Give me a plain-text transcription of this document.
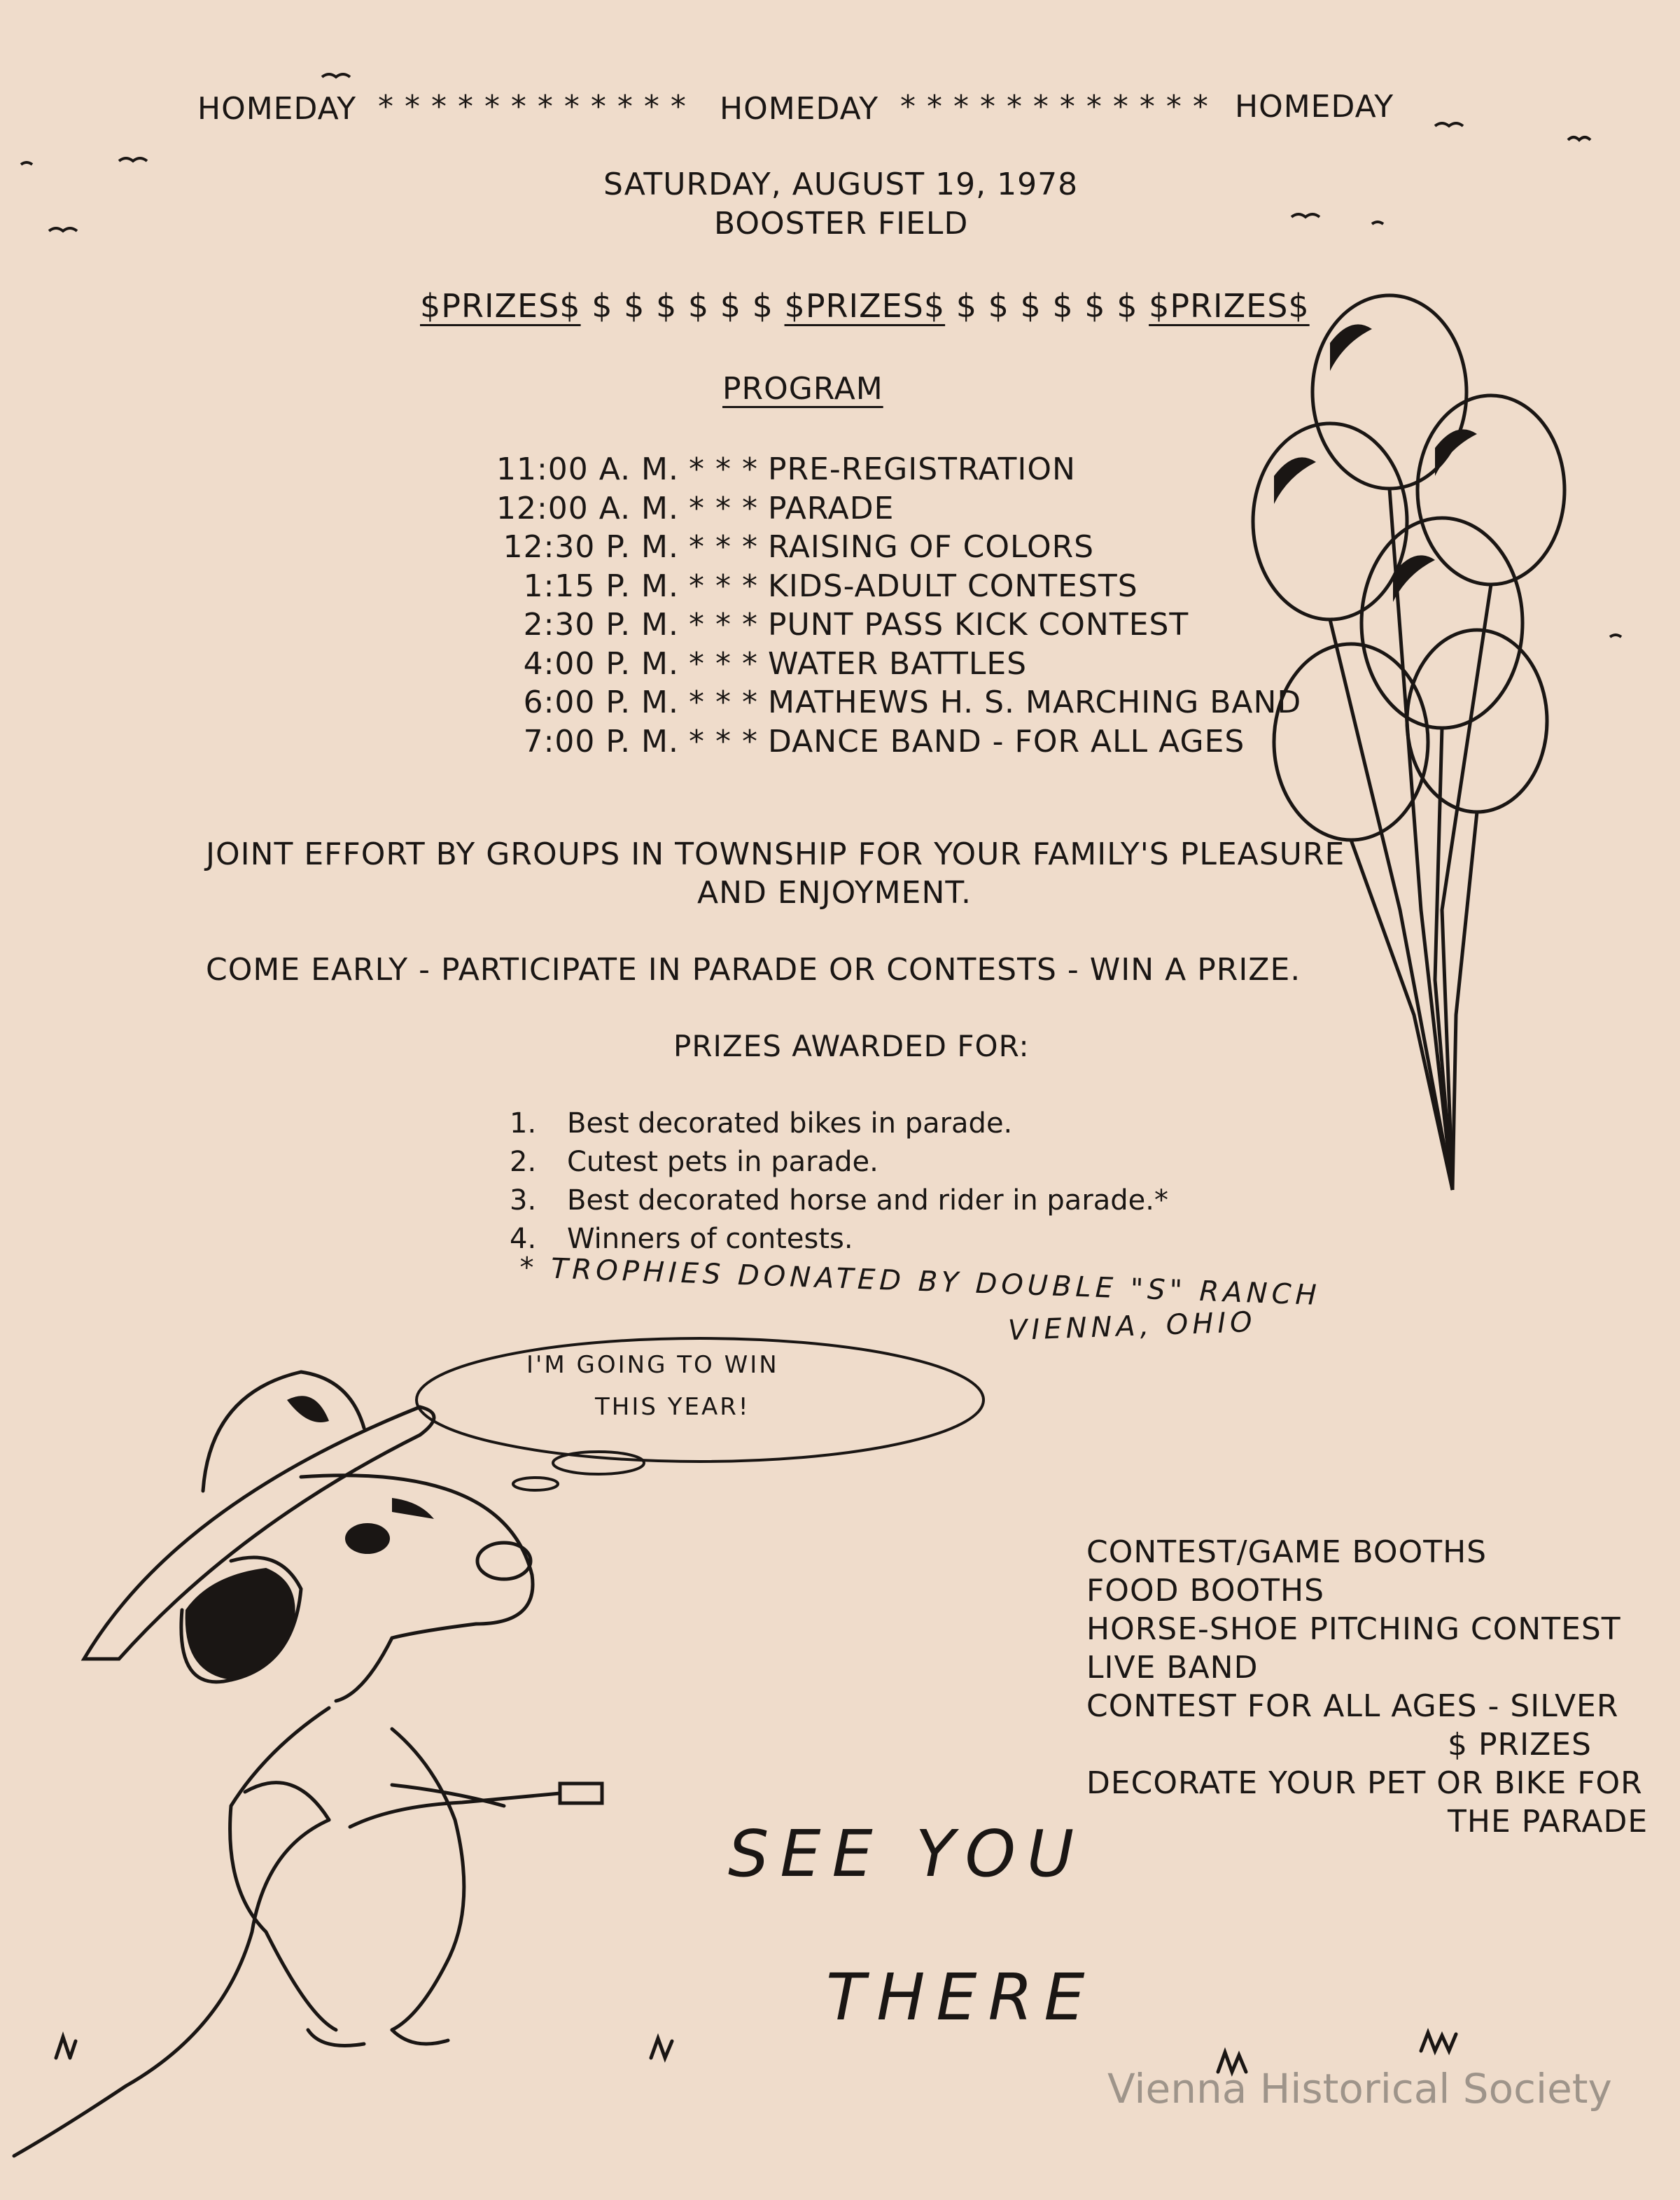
HOMEDAY * * * * * * * * * * * * HOMEDAY * * * * * * * * * * * * HOMEDAY
SATURDAY, AUGUST 19, 1978
BOOSTER FIELD
$PRIZES$ $ $ $ $ $ $ $PRIZES$ $ $ $ $ $ $ $PRIZES$
PROGRAM
11:00 A. M. * * * PRE-REGISTRATION
12:00 A. M. * * * PARADE
12:30 P. M. * * * RAISING OF COLORS
1:15 P. M. * * * KIDS-ADULT CONTESTS
2:30 P. M. * * * PUNT PASS KICK CONTEST
4:00 P. M. * * * WATER BATTLES
6:00 P. M. * * * MATHEWS H. S. MARCHING BAND
7:00 P. M. * * * DANCE BAND - FOR ALL AGES
JOINT EFFORT BY GROUPS IN TOWNSHIP FOR YOUR FAMILY'S PLEASURE
AND ENJOYMENT.
COME EARLY - PARTICIPATE IN PARADE OR CONTESTS - WIN A PRIZE.
PRIZES AWARDED FOR:
1. Best decorated bikes in parade.
2. Cutest pets in parade.
3. Best decorated horse and rider in parade.*
4. Winners of contests.
* TROPHIES DONATED BY DOUBLE "S" RANCH
VIENNA, OHIO
I'M GOING TO WIN
THIS YEAR!
CONTEST/GAME BOOTHS
FOOD BOOTHS
HORSE-SHOE PITCHING CONTEST
LIVE BAND
CONTEST FOR ALL AGES - SILVER
$ PRIZES
DECORATE YOUR PET OR BIKE FOR
THE PARADE
SEE YOU
THERE
Vienna Historical Society
